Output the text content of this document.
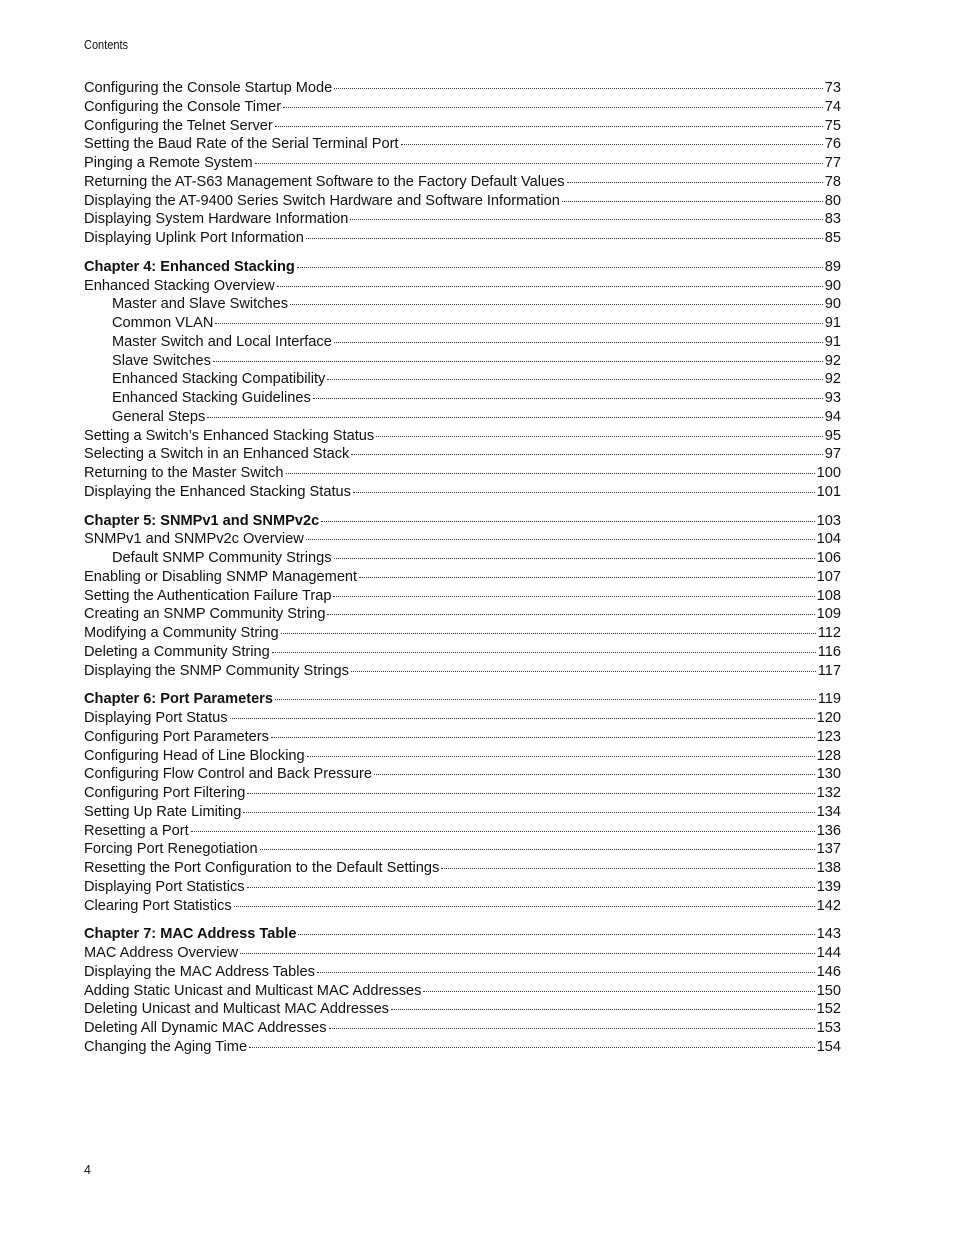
Contents
Configuring the Console Startup Mode	73
Configuring the Console Timer	74
Configuring the Telnet Server	75
Setting the Baud Rate of the Serial Terminal Port	76
Pinging a Remote System	77
Returning the AT-S63 Management Software to the Factory Default Values	78
Displaying the AT-9400 Series Switch Hardware and Software Information	80
Displaying System Hardware Information	83
Displaying Uplink Port Information	85
Chapter 4: Enhanced Stacking	89
Enhanced Stacking Overview	90
Master and Slave Switches	90
Common VLAN	91
Master Switch and Local Interface	91
Slave Switches	92
Enhanced Stacking Compatibility	92
Enhanced Stacking Guidelines	93
General Steps	94
Setting a Switch’s Enhanced Stacking Status	95
Selecting a Switch in an Enhanced Stack	97
Returning to the Master Switch	100
Displaying the Enhanced Stacking Status	101
Chapter 5: SNMPv1 and SNMPv2c	103
SNMPv1 and SNMPv2c Overview	104
Default SNMP Community Strings	106
Enabling or Disabling SNMP Management	107
Setting the Authentication Failure Trap	108
Creating an SNMP Community String	109
Modifying a Community String	112
Deleting a Community String	116
Displaying the SNMP Community Strings	117
Chapter 6: Port Parameters	119
Displaying Port Status	120
Configuring Port Parameters	123
Configuring Head of Line Blocking	128
Configuring Flow Control and Back Pressure	130
Configuring Port Filtering	132
Setting Up Rate Limiting	134
Resetting a Port	136
Forcing Port Renegotiation	137
Resetting the Port Configuration to the Default Settings	138
Displaying Port Statistics	139
Clearing Port Statistics	142
Chapter 7: MAC Address Table	143
MAC Address Overview	144
Displaying the MAC Address Tables	146
Adding Static Unicast and Multicast MAC Addresses	150
Deleting Unicast and Multicast MAC Addresses	152
Deleting All Dynamic MAC Addresses	153
Changing the Aging Time	154
4
